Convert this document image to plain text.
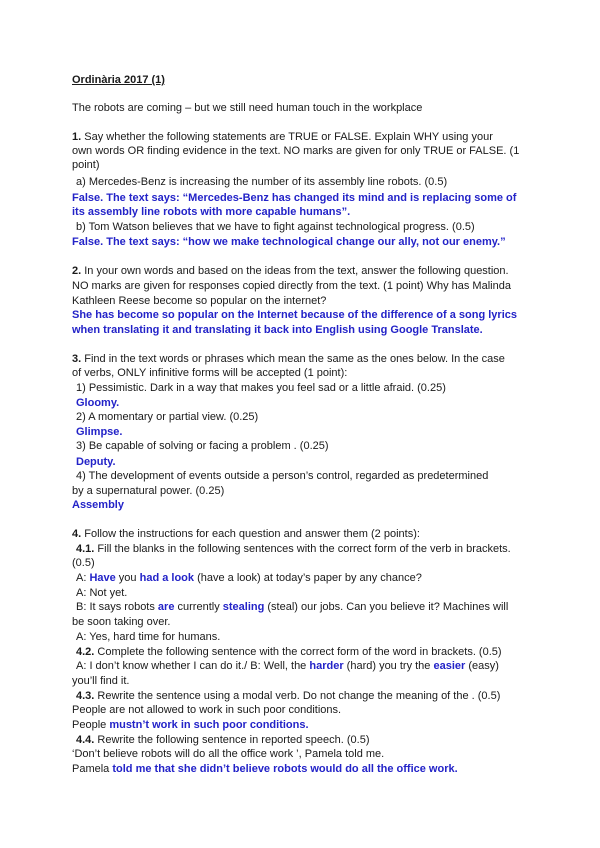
Ordinària 2017 (1)
The robots are coming – but we still need human touch in the workplace
1. Say whether the following statements are TRUE or FALSE. Explain WHY using your
own words OR finding evidence in the text. NO marks are given for only TRUE or FALSE. (1
point)
a) Mercedes-Benz is increasing the number of its assembly line robots. (0.5)
False. The text says: “Mercedes-Benz has changed its mind and is replacing some of
its assembly line robots with more capable humans”.
b) Tom Watson believes that we have to fight against technological progress. (0.5)
False. The text says: “how we make technological change our ally, not our enemy.”
2. In your own words and based on the ideas from the text, answer the following question.
NO marks are given for responses copied directly from the text. (1 point) Why has Malinda
Kathleen Reese become so popular on the internet?
She has become so popular on the Internet because of the difference of a song lyrics
when translating it and translating it back into English using Google Translate.
3. Find in the text words or phrases which mean the same as the ones below. In the case
of verbs, ONLY infinitive forms will be accepted (1 point):
1) Pessimistic. Dark in a way that makes you feel sad or a little afraid. (0.25)
Gloomy.
2) A momentary or partial view. (0.25)
Glimpse.
3) Be capable of solving or facing a problem . (0.25)
Deputy.
4) The development of events outside a person’s control, regarded as predetermined
by a supernatural power. (0.25)
Assembly
4. Follow the instructions for each question and answer them (2 points):
4.1. Fill the blanks in the following sentences with the correct form of the verb in brackets.
(0.5)
A: Have you had a look (have a look) at today’s paper by any chance?
A: Not yet.
B: It says robots are currently stealing (steal) our jobs. Can you believe it? Machines will
be soon taking over.
A: Yes, hard time for humans.
4.2. Complete the following sentence with the correct form of the word in brackets. (0.5)
A: I don’t know whether I can do it./ B: Well, the harder (hard) you try the easier (easy)
you’ll find it.
4.3. Rewrite the sentence using a modal verb. Do not change the meaning of the . (0.5)
People are not allowed to work in such poor conditions.
People mustn’t work in such poor conditions.
4.4. Rewrite the following sentence in reported speech. (0.5)
‘Don’t believe robots will do all the office work ’, Pamela told me.
Pamela told me that she didn’t believe robots would do all the office work.
